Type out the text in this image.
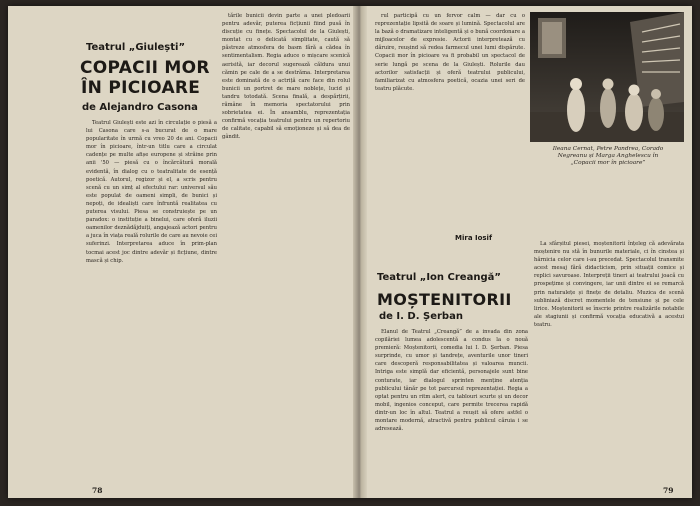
Teatrul „Giulești”
COPACII MOR
ÎN PICIOARE
de Alejandro Casona
Teatrul Giulești este azi în circulație o piesă a lui Casona care s-a bucurat de o mare popularitate în urmă cu vreo 20 de ani. Copacii mor în picioare, într-un titlu care a circulat cadențe pe multe afișe europene și străine prin anii '50 — piesă cu o încărcătură morală evidentă, în dialog cu o teatralitate de esență poetică. Autorul, regizor și el, a scris pentru scenă cu un simț al efectului rar: universul său este populat de oameni simpli, de bunici și nepoți, de idealiști care înfruntă realitatea cu puterea visului. Piesa se construiește pe un paradox: o instituție a binelui, care oferă iluzii oamenilor deznădăjduiți, angajează actori pentru a juca în viața reală rolurile de care au nevoie cei suferinzi. Interpretarea aduce în prim-plan tocmai acest joc dintre adevăr și ficțiune, dintre mască și chip.
tările bunicii devin parte a unei pledoarii pentru adevăr, puterea ficțiunii fiind pusă în discuție cu finețe. Spectacolul de la Giulești, montat cu o delicată simplitate, caută să păstreze atmosfera de basm fără a cădea în sentimentalism. Regia aduce o mișcare scenică aerisită, iar decorul sugerează căldura unui cămin pe cale de a se destrăma. Interpretarea este dominată de o actriță care face din rolul bunicii un portret de mare noblețe, lucid și tandru totodată. Scena finală, a despărțirii, rămâne în memoria spectatorului prin sobrietatea ei. În ansamblu, reprezentația confirmă vocația teatrului pentru un repertoriu de calitate, capabil să emoționeze și să dea de gândit.
78
rul participă cu un fervor calm — dar cu o reprezentație lipsită de soare și lumină. Spectacolul are la bază o dramatizare inteligentă și o bună coordonare a mijloacelor de expresie. Actorii interpretează cu dăruire, reușind să redea farmecul unei lumi dispărute. Copacii mor în picioare va fi probabil un spectacol de serie lungă pe scena de la Giulești. Rolurile dau actorilor satisfacții și oferă teatrului publicului, familiarizat cu atmosfera poetică, ocazia unei seri de teatru plăcute.
Mira Iosif
Ileana Cernat, Petre Pandrea, Corado
Negreanu și Marga Anghelescu în
„Copacii mor în picioare”
Teatrul „Ion Creangă”
MOȘTENITORII
de I. D. Șerban
Elanul de Teatrul „Creangă” de a invada din zona copilăriei lumea adolescentă a condus la o nouă premieră: Moștenitorii, comedia lui I. D. Șerban. Piesa surprinde, cu umor și tandrețe, aventurile unor tineri care descoperă responsabilitatea și valoarea muncii. Intriga este simplă dar eficientă, personajele sunt bine conturate, iar dialogul sprinten menține atenția publicului tânăr pe tot parcursul reprezentației. Regia a optat pentru un ritm alert, cu tablouri scurte și un decor mobil, ingenios conceput, care permite trecerea rapidă dintr-un loc în altul. Teatrul a reușit să ofere astfel o montare modernă, atractivă pentru publicul căruia i se adresează.
La sfârșitul piesei, moștenitorii înțeleg că adevărata moștenire nu stă în bunurile materiale, ci în cinstea și hărnicia celor care i-au precedat. Spectacolul transmite acest mesaj fără didacticism, prin situații comice și replici savuroase. Interpreții tineri ai teatrului joacă cu prospețime și convingere, iar unii dintre ei se remarcă prin naturalețe și finețe de detaliu. Muzica de scenă subliniază discret momentele de tensiune și pe cele lirice. Moștenitorii se înscrie printre realizările notabile ale stagiunii și confirmă vocația educativă a acestui teatru.
79
